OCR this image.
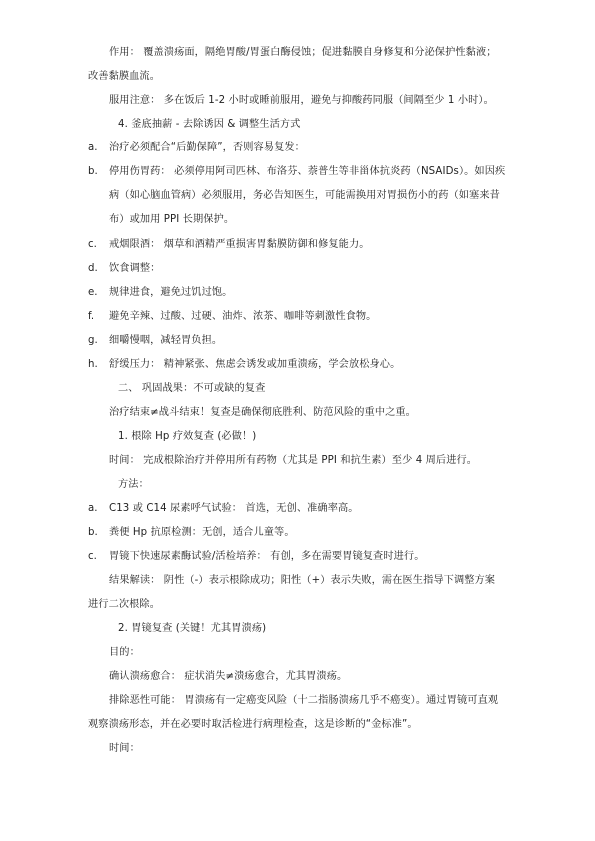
作用： 覆盖溃疡面，隔绝胃酸/胃蛋白酶侵蚀；促进黏膜自身修复和分泌保护性黏液；
改善黏膜血流。
服用注意： 多在饭后 1-2 小时或睡前服用，避免与抑酸药同服（间隔至少 1 小时）。
4. 釜底抽薪 - 去除诱因 & 调整生活方式
a. 治疗必须配合“后勤保障”，否则容易复发：
b. 停用伤胃药： 必须停用阿司匹林、布洛芬、萘普生等非甾体抗炎药（NSAIDs）。如因疾
病（如心脑血管病）必须服用，务必告知医生，可能需换用对胃损伤小的药（如塞来昔
布）或加用 PPI 长期保护。
c. 戒烟限酒： 烟草和酒精严重损害胃黏膜防御和修复能力。
d. 饮食调整：
e. 规律进食，避免过饥过饱。
f. 避免辛辣、过酸、过硬、油炸、浓茶、咖啡等刺激性食物。
g. 细嚼慢咽，减轻胃负担。
h. 舒缓压力： 精神紧张、焦虑会诱发或加重溃疡，学会放松身心。
二、 巩固战果：不可或缺的复查
治疗结束≠战斗结束！复查是确保彻底胜利、防范风险的重中之重。
1. 根除 Hp 疗效复查 (必做！)
时间： 完成根除治疗并停用所有药物（尤其是 PPI 和抗生素）至少 4 周后进行。
方法：
a. C13 或 C14 尿素呼气试验： 首选，无创、准确率高。
b. 粪便 Hp 抗原检测：无创，适合儿童等。
c. 胃镜下快速尿素酶试验/活检培养： 有创，多在需要胃镜复查时进行。
结果解读： 阴性（-）表示根除成功；阳性（+）表示失败，需在医生指导下调整方案
进行二次根除。
2. 胃镜复查 (关键！尤其胃溃疡)
目的：
确认溃疡愈合： 症状消失≠溃疡愈合，尤其胃溃疡。
排除恶性可能： 胃溃疡有一定癌变风险（十二指肠溃疡几乎不癌变）。通过胃镜可直观
观察溃疡形态，并在必要时取活检进行病理检查，这是诊断的“金标准”。
时间：
